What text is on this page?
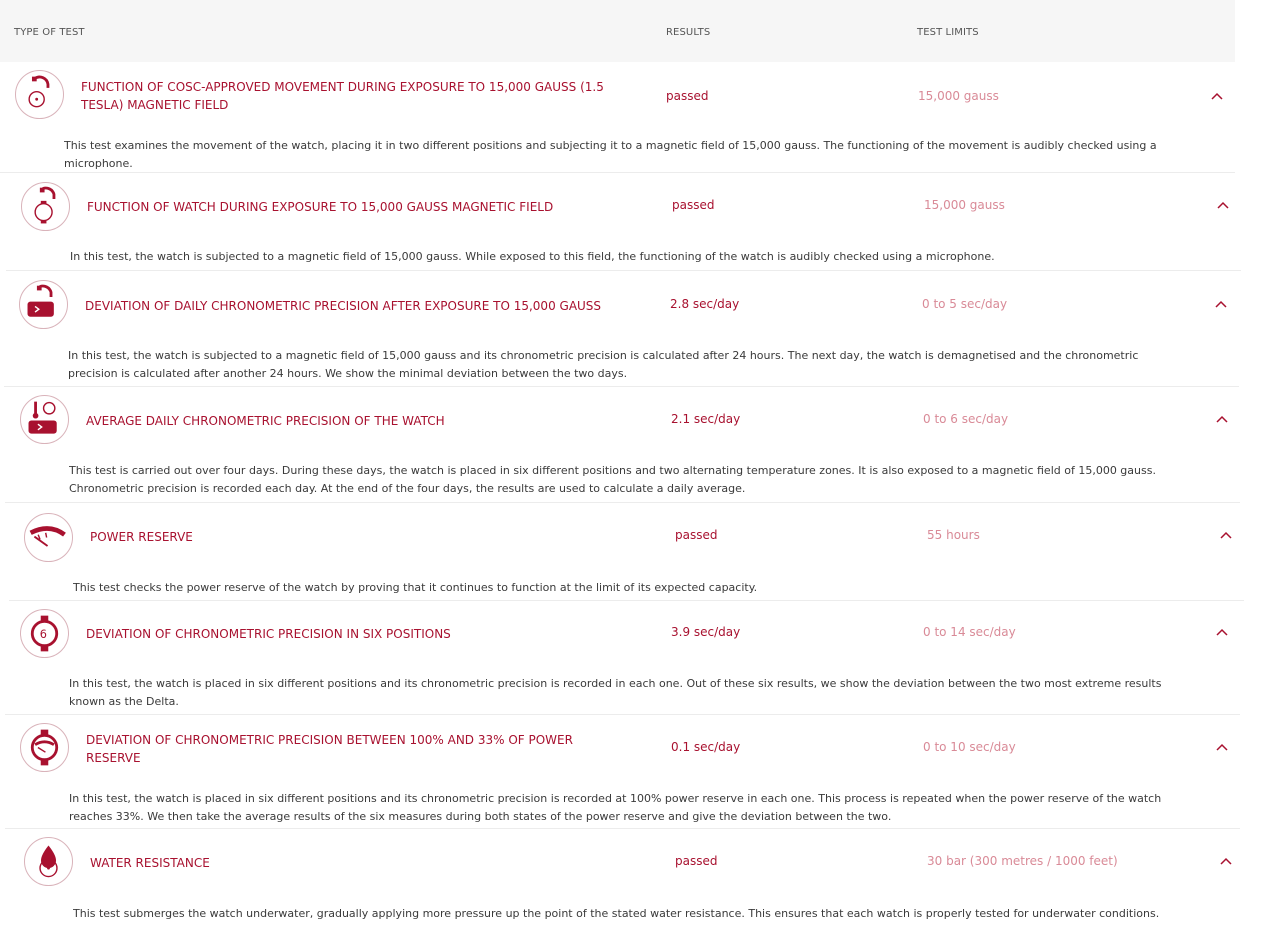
TYPE OF TEST	RESULTS	TEST LIMITS
FUNCTION OF COSC-APPROVED MOVEMENT DURING EXPOSURE TO 15,000 GAUSS (1.5 TESLA) MAGNETIC FIELD
passed	15,000 gauss
This test examines the movement of the watch, placing it in two different positions and subjecting it to a magnetic field of 15,000 gauss. The functioning of the movement is audibly checked using a microphone.
FUNCTION OF WATCH DURING EXPOSURE TO 15,000 GAUSS MAGNETIC FIELD	passed	15,000 gauss
In this test, the watch is subjected to a magnetic field of 15,000 gauss. While exposed to this field, the functioning of the watch is audibly checked using a microphone.
DEVIATION OF DAILY CHRONOMETRIC PRECISION AFTER EXPOSURE TO 15,000 GAUSS	2.8 sec/day	0 to 5 sec/day
In this test, the watch is subjected to a magnetic field of 15,000 gauss and its chronometric precision is calculated after 24 hours. The next day, the watch is demagnetised and the chronometric precision is calculated after another 24 hours. We show the minimal deviation between the two days.
AVERAGE DAILY CHRONOMETRIC PRECISION OF THE WATCH	2.1 sec/day	0 to 6 sec/day
This test is carried out over four days. During these days, the watch is placed in six different positions and two alternating temperature zones. It is also exposed to a magnetic field of 15,000 gauss. Chronometric precision is recorded each day. At the end of the four days, the results are used to calculate a daily average.
POWER RESERVE	passed	55 hours
This test checks the power reserve of the watch by proving that it continues to function at the limit of its expected capacity.
6	DEVIATION OF CHRONOMETRIC PRECISION IN SIX POSITIONS	3.9 sec/day	0 to 14 sec/day
In this test, the watch is placed in six different positions and its chronometric precision is recorded in each one. Out of these six results, we show the deviation between the two most extreme results known as the Delta.
DEVIATION OF CHRONOMETRIC PRECISION BETWEEN 100% AND 33% OF POWER RESERVE
0.1 sec/day	0 to 10 sec/day
In this test, the watch is placed in six different positions and its chronometric precision is recorded at 100% power reserve in each one. This process is repeated when the power reserve of the watch reaches 33%. We then take the average results of the six measures during both states of the power reserve and give the deviation between the two.
WATER RESISTANCE	passed	30 bar (300 metres / 1000 feet)
This test submerges the watch underwater, gradually applying more pressure up the point of the stated water resistance. This ensures that each watch is properly tested for underwater conditions.
